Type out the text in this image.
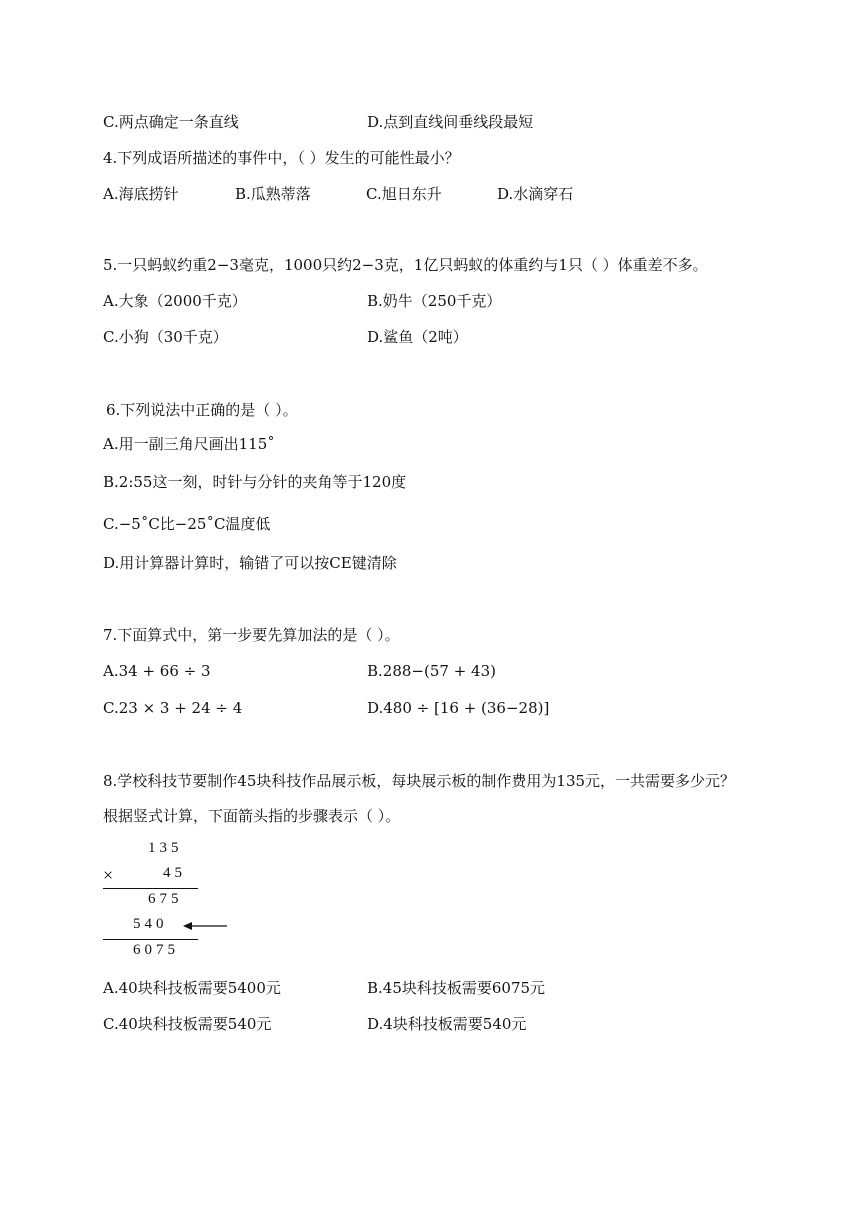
C.两点确定一条直线	D.点到直线间垂线段最短
4.下列成语所描述的事件中，（ ）发生的可能性最小？
A.海底捞针	B.瓜熟蒂落	C.旭日东升	D.水滴穿石
5.一只蚂蚁约重2−3毫克，1000只约2−3克，1亿只蚂蚁的体重约与1只（ ）体重差不多。
A.大象（2000千克）	B.奶牛（250千克）
C.小狗（30千克）	D.鲨鱼（2吨）
6.下列说法中正确的是（ ）。
A.用一副三角尺画出115˚
B.2:55这一刻，时针与分针的夹角等于120度
C.−5˚C比−25˚C温度低
D.用计算器计算时，输错了可以按CE键清除
7.下面算式中，第一步要先算加法的是（ ）。
A.34 + 66 ÷ 3	B.288−(57 + 43)
C.23 × 3 + 24 ÷ 4	D.480 ÷ [16 + (36−28)]
8.学校科技节要制作45块科技作品展示板，每块展示板的制作费用为135元，一共需要多少元？
根据竖式计算，下面箭头指的步骤表示（ ）。
135
×	45
675
540
6075
A.40块科技板需要5400元	B.45块科技板需要6075元
C.40块科技板需要540元	D.4块科技板需要540元
